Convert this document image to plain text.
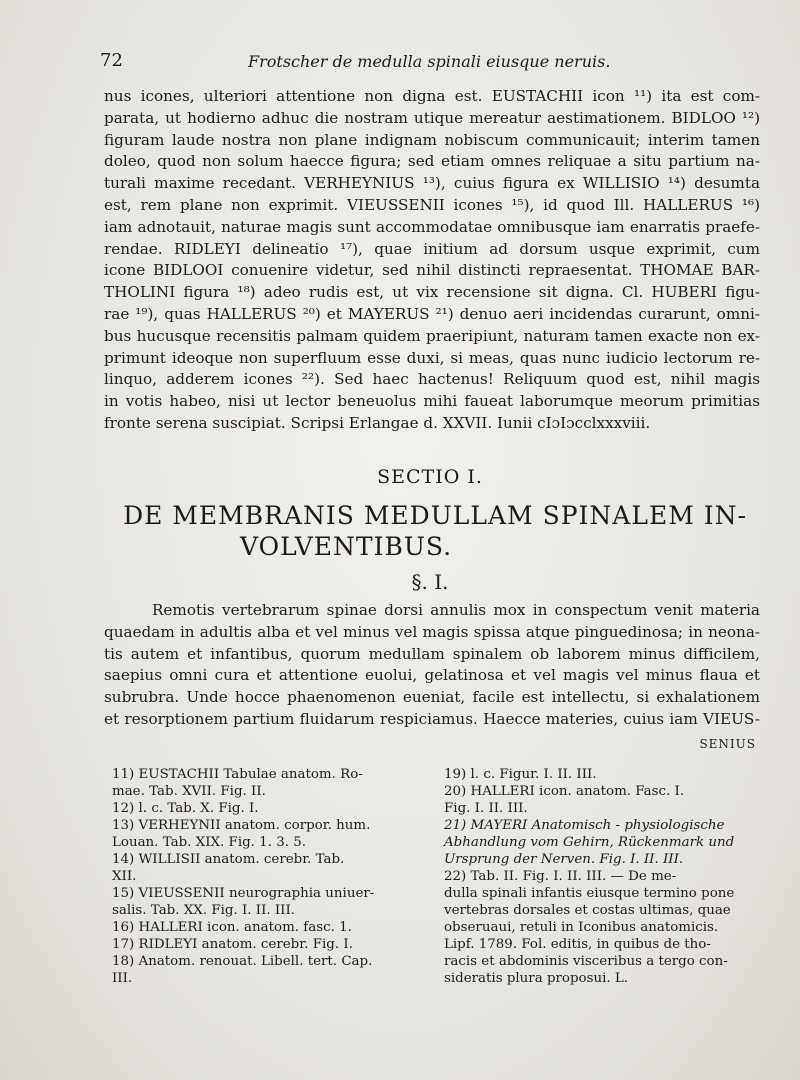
72	Frotscher de medulla spinali eiusque neruis.
nus icones, ulteriori attentione non digna est. EUSTACHII icon ¹¹) ita est com-
parata, ut hodierno adhuc die nostram utique mereatur aestimationem. BIDLOO ¹²)
figuram laude nostra non plane indignam nobiscum communicauit; interim tamen
doleo, quod non solum haecce figura; sed etiam omnes reliquae a situ partium na-
turali maxime recedant. VERHEYNIUS ¹³), cuius figura ex WILLISIO ¹⁴) desumta
est, rem plane non exprimit. VIEUSSENII icones ¹⁵), id quod Ill. HALLERUS ¹⁶)
iam adnotauit, naturae magis sunt accommodatae omnibusque iam enarratis praefe-
rendae. RIDLEYI delineatio ¹⁷), quae initium ad dorsum usque exprimit, cum
icone BIDLOOI conuenire videtur, sed nihil distincti repraesentat. THOMAE BAR-
THOLINI figura ¹⁸) adeo rudis est, ut vix recensione sit digna. Cl. HUBERI figu-
rae ¹⁹), quas HALLERUS ²⁰) et MAYERUS ²¹) denuo aeri incidendas curarunt, omni-
bus hucusque recensitis palmam quidem praeripiunt, naturam tamen exacte non ex-
primunt ideoque non superfluum esse duxi, si meas, quas nunc iudicio lectorum re-
linquo, adderem icones ²²). Sed haec hactenus! Reliquum quod est, nihil magis
in votis habeo, nisi ut lector beneuolus mihi faueat laborumque meorum primitias
fronte serena suscipiat. Scripsi Erlangae d. XXVII. Iunii cIɔIɔcclxxxviii.
SECTIO I.
DE MEMBRANIS MEDULLAM SPINALEM IN-
VOLVENTIBUS.
§. I.
Remotis vertebrarum spinae dorsi annulis mox in conspectum venit materia
quaedam in adultis alba et vel minus vel magis spissa atque pinguedinosa; in neona-
tis autem et infantibus, quorum medullam spinalem ob laborem minus difficilem,
saepius omni cura et attentione euolui, gelatinosa et vel magis vel minus flaua et
subrubra. Unde hocce phaenomenon eueniat, facile est intellectu, si exhalationem
et resorptionem partium fluidarum respiciamus. Haecce materies, cuius iam VIEUS-
SENIUS
11) EUSTACHII Tabulae anatom. Ro-
mae. Tab. XVII. Fig. II.
12) l. c. Tab. X. Fig. I.
13) VERHEYNII anatom. corpor. hum.
Louan. Tab. XIX. Fig. 1. 3. 5.
14) WILLISII anatom. cerebr. Tab.
XII.
15) VIEUSSENII neurographia uniuer-
salis. Tab. XX. Fig. I. II. III.
16) HALLERI icon. anatom. fasc. 1.
17) RIDLEYI anatom. cerebr. Fig. I.
18) Anatom. renouat. Libell. tert. Cap.
III.
19) l. c. Figur. I. II. III.
20) HALLERI icon. anatom. Fasc. I.
Fig. I. II. III.
21) MAYERI Anatomisch - physiologische
Abhandlung vom Gehirn, Rückenmark und
Ursprung der Nerven. Fig. I. II. III.
22) Tab. II. Fig. I. II. III. — De me-
dulla spinali infantis eiusque termino pone
vertebras dorsales et costas ultimas, quae
obseruaui, retuli in Iconibus anatomicis.
Lipf. 1789. Fol. editis, in quibus de tho-
racis et abdominis visceribus a tergo con-
sideratis plura proposui. L.
